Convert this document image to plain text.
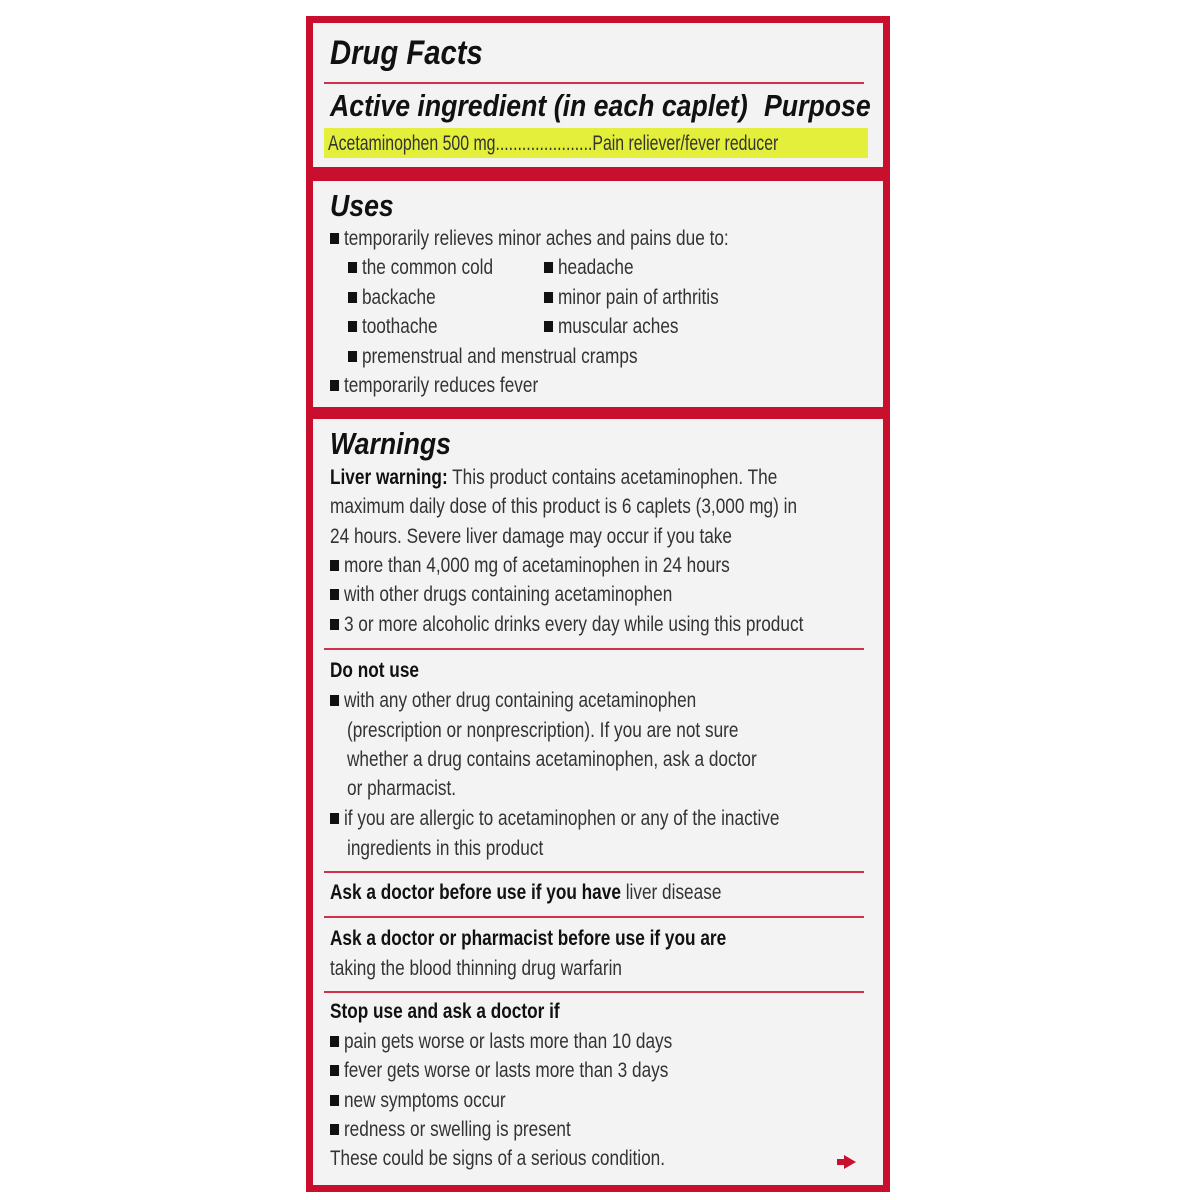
Drug Facts
Active ingredient (in each caplet) Purpose
Acetaminophen 500 mg......................Pain reliever/fever reducer
Uses
temporarily relieves minor aches and pains due to:
the common cold	headache
backache	minor pain of arthritis
toothache	muscular aches
premenstrual and menstrual cramps
temporarily reduces fever
Warnings
Liver warning: This product contains acetaminophen. The
maximum daily dose of this product is 6 caplets (3,000 mg) in
24 hours. Severe liver damage may occur if you take
more than 4,000 mg of acetaminophen in 24 hours
with other drugs containing acetaminophen
3 or more alcoholic drinks every day while using this product
Do not use
with any other drug containing acetaminophen
(prescription or nonprescription). If you are not sure
whether a drug contains acetaminophen, ask a doctor
or pharmacist.
if you are allergic to acetaminophen or any of the inactive
ingredients in this product
Ask a doctor before use if you have liver disease
Ask a doctor or pharmacist before use if you are
taking the blood thinning drug warfarin
Stop use and ask a doctor if
pain gets worse or lasts more than 10 days
fever gets worse or lasts more than 3 days
new symptoms occur
redness or swelling is present
These could be signs of a serious condition.
